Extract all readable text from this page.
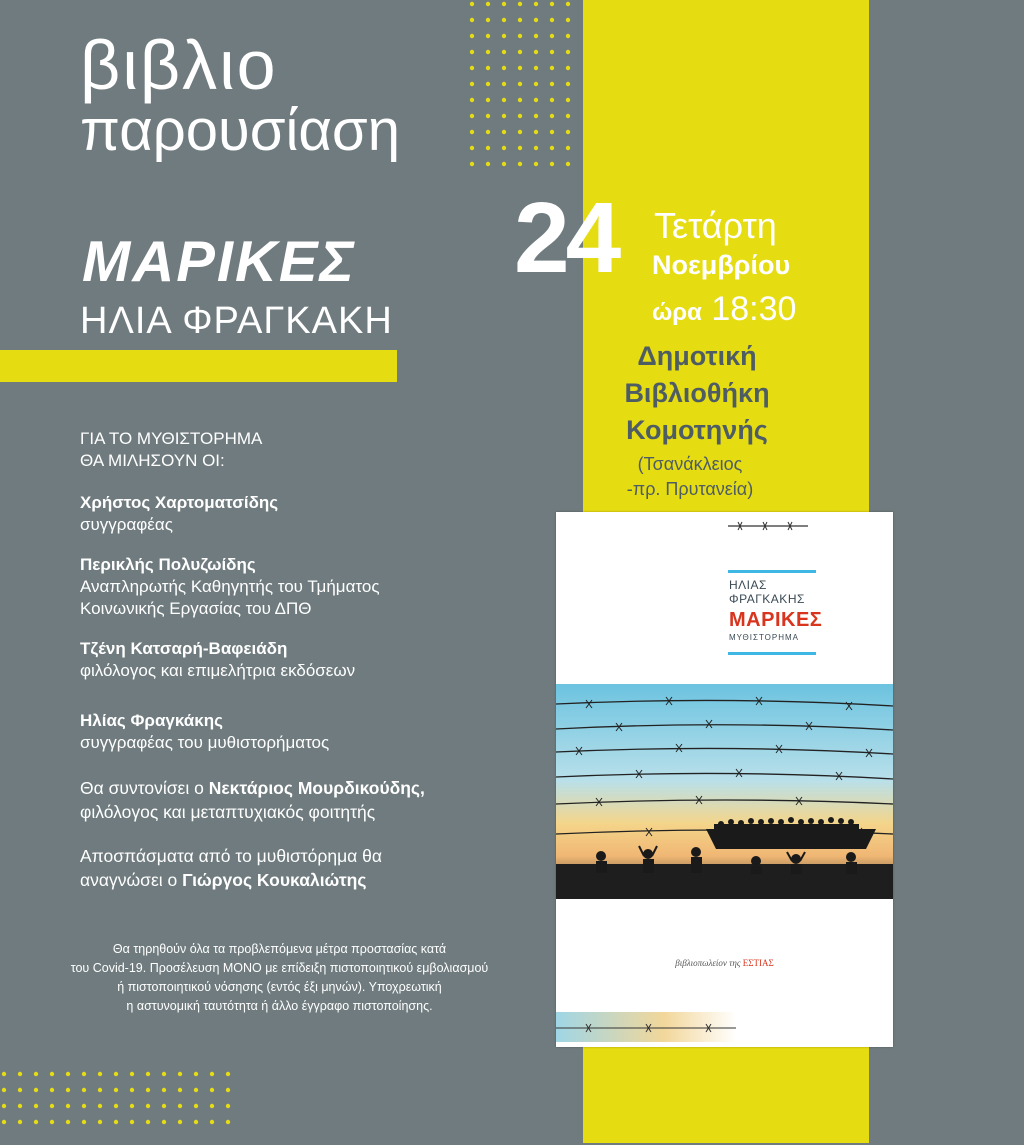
βιβλιο
παρουσίαση
ΜΑΡΙΚΕΣ
ΗΛΙΑ ΦΡΑΓΚΑΚΗ
ΓΙΑ ΤΟ ΜΥΘΙΣΤΟΡΗΜΑ
ΘΑ ΜΙΛΗΣΟΥΝ ΟΙ:
Χρήστος Χαρτοματσίδης
συγγραφέας
Περικλής Πολυζωίδης
Αναπληρωτής Καθηγητής του Τμήματος
Κοινωνικής Εργασίας του ΔΠΘ
Τζένη Κατσαρή-Βαφειάδη
φιλόλογος και επιμελήτρια εκδόσεων
Ηλίας Φραγκάκης
συγγραφέας του μυθιστορήματος
Θα συντονίσει ο Νεκτάριος Μουρδικούδης,
φιλόλογος και μεταπτυχιακός φοιτητής
Αποσπάσματα από το μυθιστόρημα θα
αναγνώσει ο Γιώργος Κουκαλιώτης
Θα τηρηθούν όλα τα προβλεπόμενα μέτρα προστασίας κατά
του Covid-19. Προσέλευση ΜΟΝΟ με επίδειξη πιστοποιητικού εμβολιασμού
ή πιστοποιητικού νόσησης (εντός έξι μηνών). Υποχρεωτική
η αστυνομική ταυτότητα ή άλλο έγγραφο πιστοποίησης.
24 Τετάρτη
Νοεμβρίου
ώρα 18:30
Δημοτική
Βιβλιοθήκη
Κομοτηνής
(Τσανάκλειος
-πρ. Πρυτανεία)
ΗΛΙΑΣ
ΦΡΑΓΚΑΚΗΣ
ΜΑΡΙΚΕΣ
ΜΥΘΙΣΤΟΡΗΜΑ
βιβλιοπωλείον της ΕΣΤΙΑΣ
